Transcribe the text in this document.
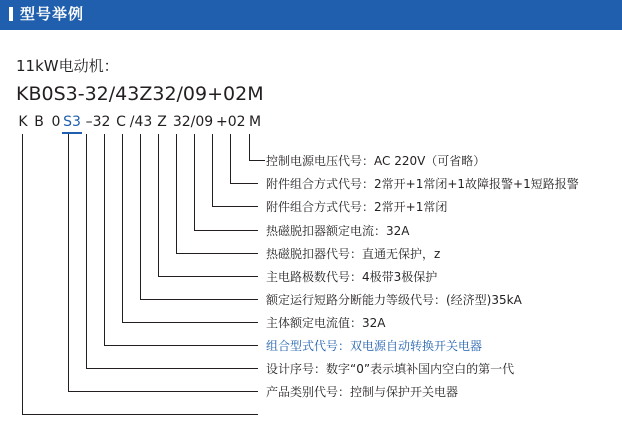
型号举例
11kW电动机：
KB0S3-32/43Z32/09+02M
K B 0 S3 –32 C /43 Z 32/09 +02 M
控制电源电压代号：AC 220V（可省略）
附件组合方式代号：2常开+1常闭+1故障报警+1短路报警
附件组合方式代号：2常开+1常闭
热磁脱扣器额定电流：32A
热磁脱扣器代号：直通无保护，z
主电路极数代号：4极带3极保护
额定运行短路分断能力等级代号：(经济型)35kA
主体额定电流值：32A
组合型式代号：双电源自动转换开关电器
设计序号：数字“0”表示填补国内空白的第一代
产品类别代号：控制与保护开关电器
